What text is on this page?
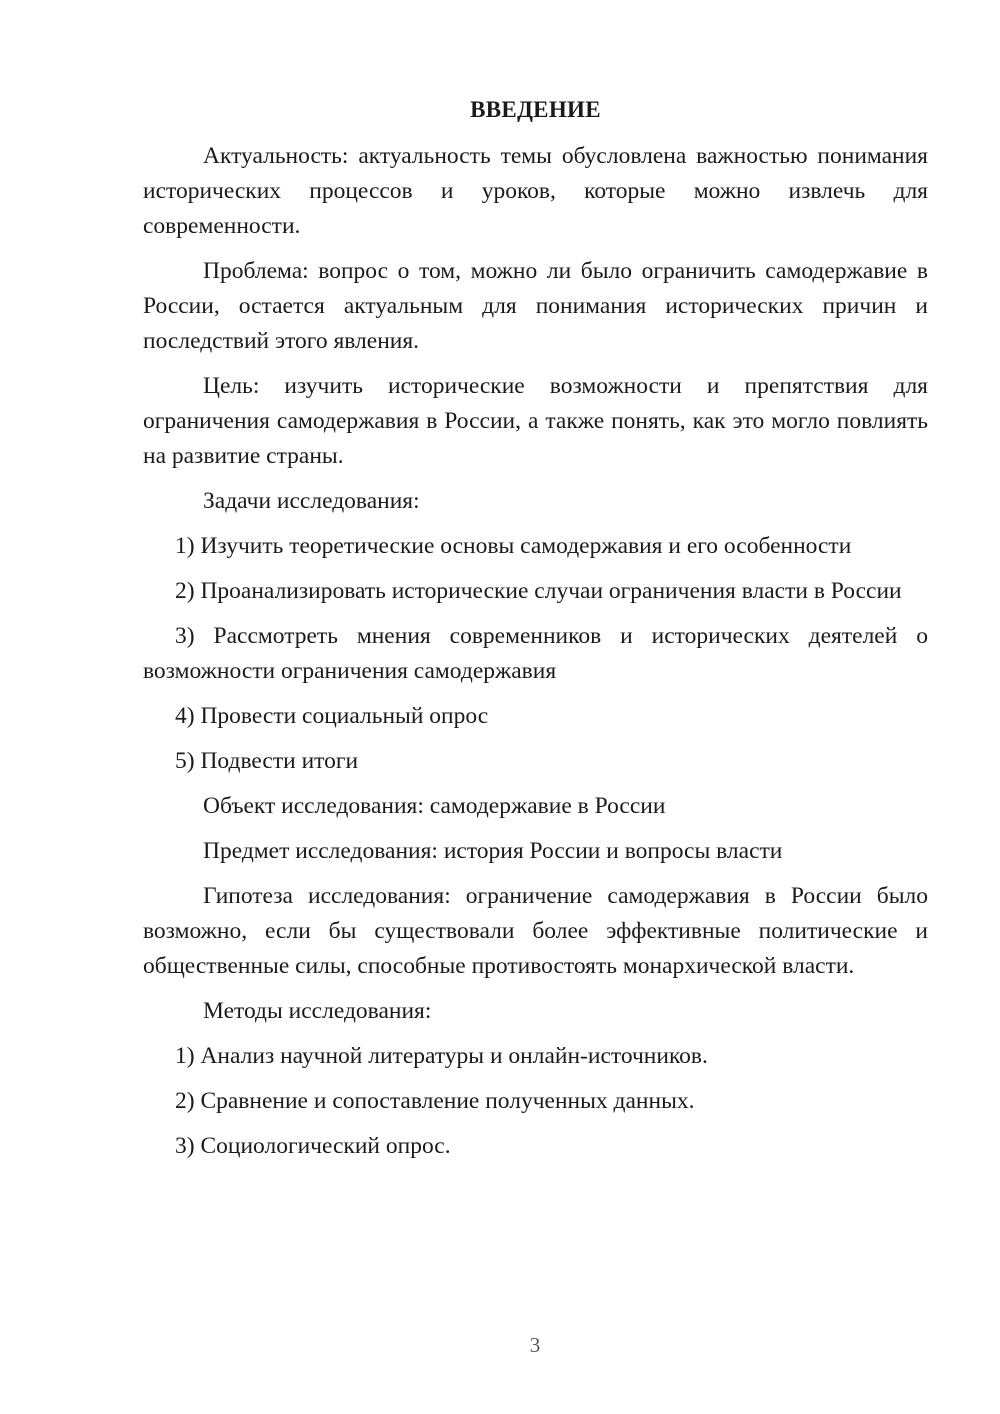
ВВЕДЕНИЕ

Актуальность: актуальность темы обусловлена важностью понимания исторических процессов и уроков, которые можно извлечь для современности.

Проблема: вопрос о том, можно ли было ограничить самодержавие в России, остается актуальным для понимания исторических причин и последствий этого явления.

Цель: изучить исторические возможности и препятствия для ограничения самодержавия в России, а также понять, как это могло повлиять на развитие страны.

Задачи исследования:

1) Изучить теоретические основы самодержавия и его особенности

2) Проанализировать исторические случаи ограничения власти в России

3) Рассмотреть мнения современников и исторических деятелей о возможности ограничения самодержавия

4) Провести социальный опрос

5) Подвести итоги

Объект исследования: самодержавие в России

Предмет исследования: история России и вопросы власти

Гипотеза исследования: ограничение самодержавия в России было возможно, если бы существовали более эффективные политические и общественные силы, способные противостоять монархической власти.

Методы исследования:

1) Анализ научной литературы и онлайн-источников.

2) Сравнение и сопоставление полученных данных.

3) Социологический опрос.

3
